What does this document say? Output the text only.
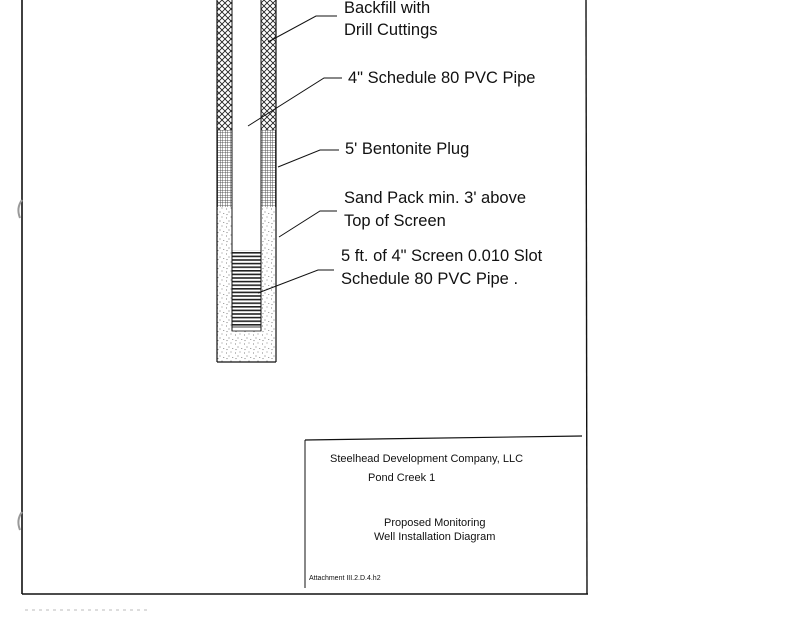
Backfill with
Drill Cuttings
4" Schedule 80 PVC Pipe
5' Bentonite Plug
Sand Pack min. 3' above
Top of Screen
5 ft. of 4" Screen 0.010 Slot
Schedule 80 PVC Pipe .
Steelhead Development Company, LLC
Pond Creek 1
Proposed Monitoring
Well Installation Diagram
Attachment III.2.D.4.h2
